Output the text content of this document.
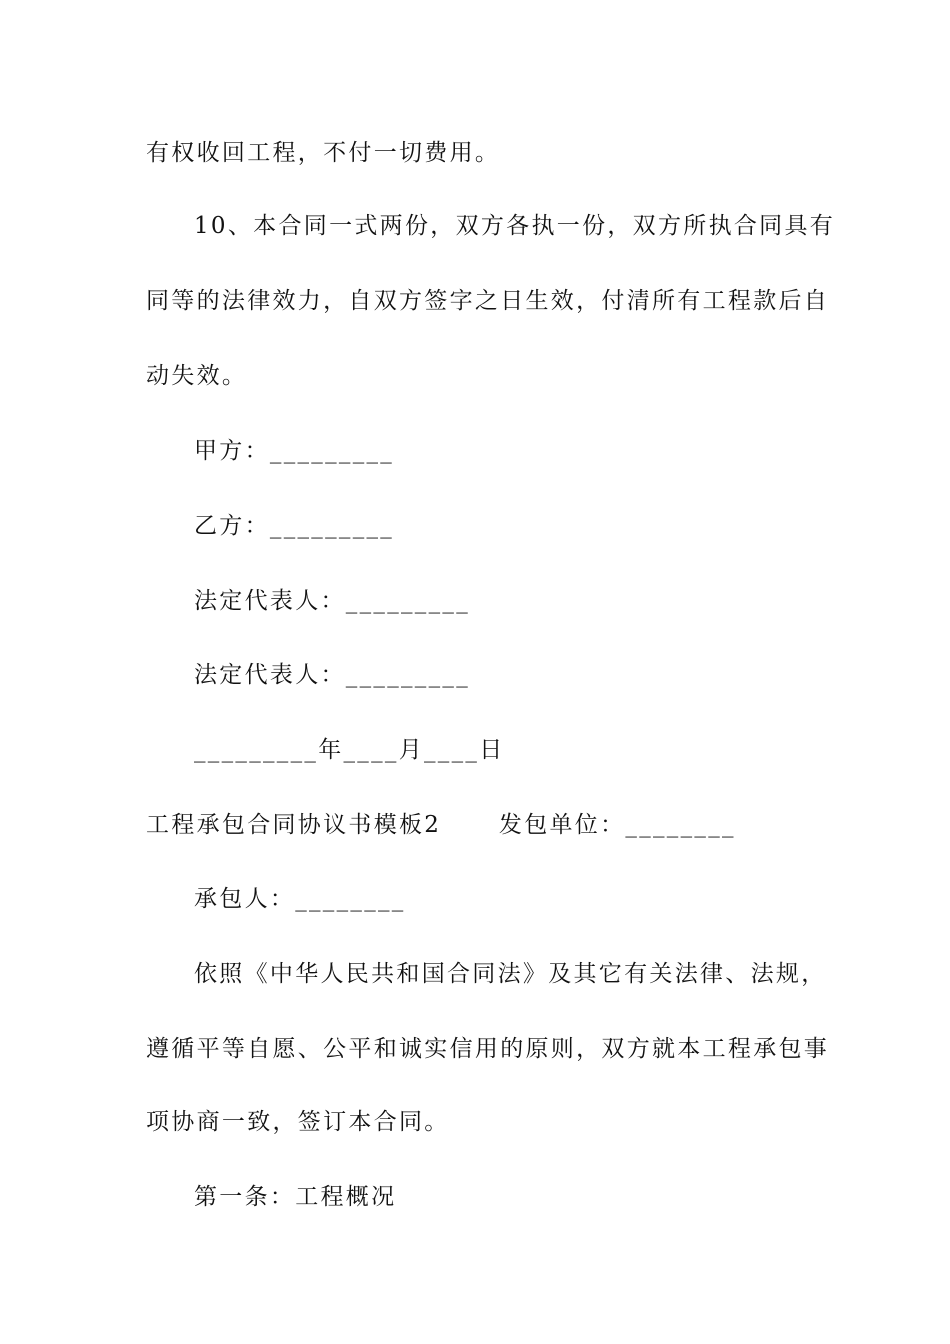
有权收回工程，不付一切费用。
10、本合同一式两份，双方各执一份，双方所执合同具有
同等的法律效力，自双方签字之日生效，付清所有工程款后自
动失效。
甲方：_________
乙方：_________
法定代表人：_________
法定代表人：_________
_________年____月____日
工程承包合同协议书模板2      发包单位：________
承包人：________
依照《中华人民共和国合同法》及其它有关法律、法规，
遵循平等自愿、公平和诚实信用的原则，双方就本工程承包事
项协商一致，签订本合同。
第一条：工程概况
